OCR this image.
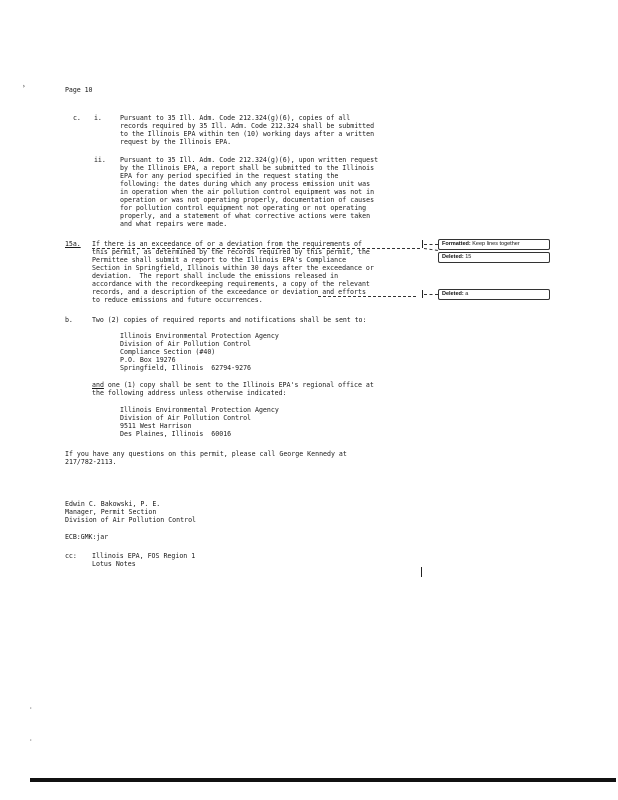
Page 10
›
c. i.	Pursuant to 35 Ill. Adm. Code 212.324(g)(6), copies of all
records required by 35 Ill. Adm. Code 212.324 shall be submitted
to the Illinois EPA within ten (10) working days after a written
request by the Illinois EPA.
ii. Pursuant to 35 Ill. Adm. Code 212.324(g)(6), upon written request
by the Illinois EPA, a report shall be submitted to the Illinois
EPA for any period specified in the request stating the
following: the dates during which any process emission unit was
in operation when the air pollution control equipment was not in
operation or was not operating properly, documentation of causes
for pollution control equipment not operating or not operating
properly, and a statement of what corrective actions were taken
and what repairs were made.
15a. If there is an exceedance of or a deviation from the requirements of
this permit, as determined by the records required by this permit, the
Permittee shall submit a report to the Illinois EPA's Compliance
Section in Springfield, Illinois within 30 days after the exceedance or
deviation.  The report shall include the emissions released in
accordance with the recordkeeping requirements, a copy of the relevant
records, and a description of the exceedance or deviation and efforts
to reduce emissions and future occurrences.
Formatted: Keep lines together
Deleted: 15
Deleted: a
b.	Two (2) copies of required reports and notifications shall be sent to:
Illinois Environmental Protection Agency
Division of Air Pollution Control
Compliance Section (#40)
P.O. Box 19276
Springfield, Illinois  62794-9276
and one (1) copy shall be sent to the Illinois EPA's regional office at
the following address unless otherwise indicated:
Illinois Environmental Protection Agency
Division of Air Pollution Control
9511 West Harrison
Des Plaines, Illinois  60016
If you have any questions on this permit, please call George Kennedy at
217/782-2113.
Edwin C. Bakowski, P. E.
Manager, Permit Section
Division of Air Pollution Control
ECB:GMK:jar
cc: Illinois EPA, FOS Region 1
Lotus Notes
·
·
